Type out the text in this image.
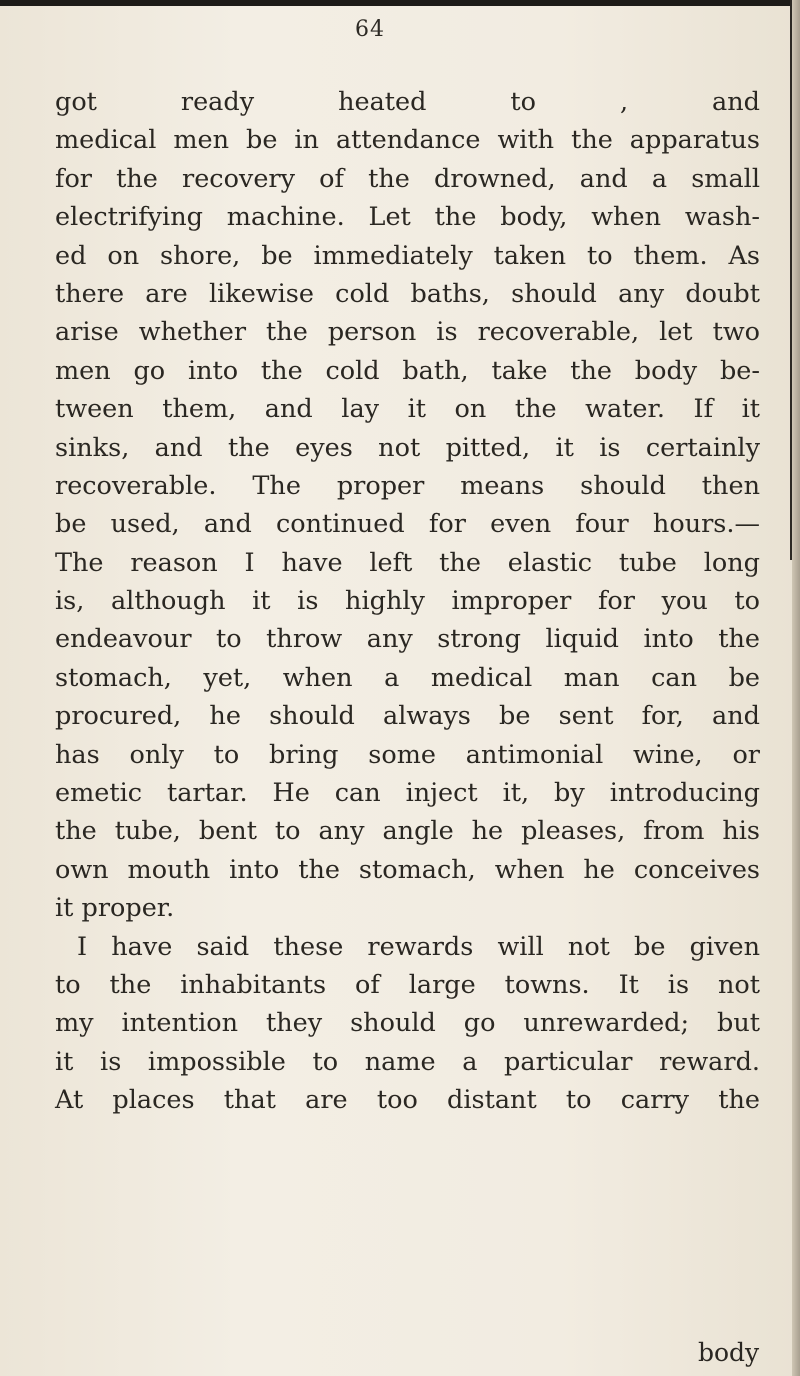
64
got ready heated to , and
medical men be in attendance with the apparatus
for the recovery of the drowned, and a small
electrifying machine. Let the body, when wash-
ed on shore, be immediately taken to them. As
there are likewise cold baths, should any doubt
arise whether the person is recoverable, let two
men go into the cold bath, take the body be-
tween them, and lay it on the water. If it
sinks, and the eyes not pitted, it is certainly
recoverable. The proper means should then
be used, and continued for even four hours.—
The reason I have left the elastic tube long
is, although it is highly improper for you to
endeavour to throw any strong liquid into the
stomach, yet, when a medical man can be
procured, he should always be sent for, and
has only to bring some antimonial wine, or
emetic tartar. He can inject it, by introducing
the tube, bent to any angle he pleases, from his
own mouth into the stomach, when he conceives
it proper.
I have said these rewards will not be given
to the inhabitants of large towns. It is not
my intention they should go unrewarded; but
it is impossible to name a particular reward.
At places that are too distant to carry the
body
